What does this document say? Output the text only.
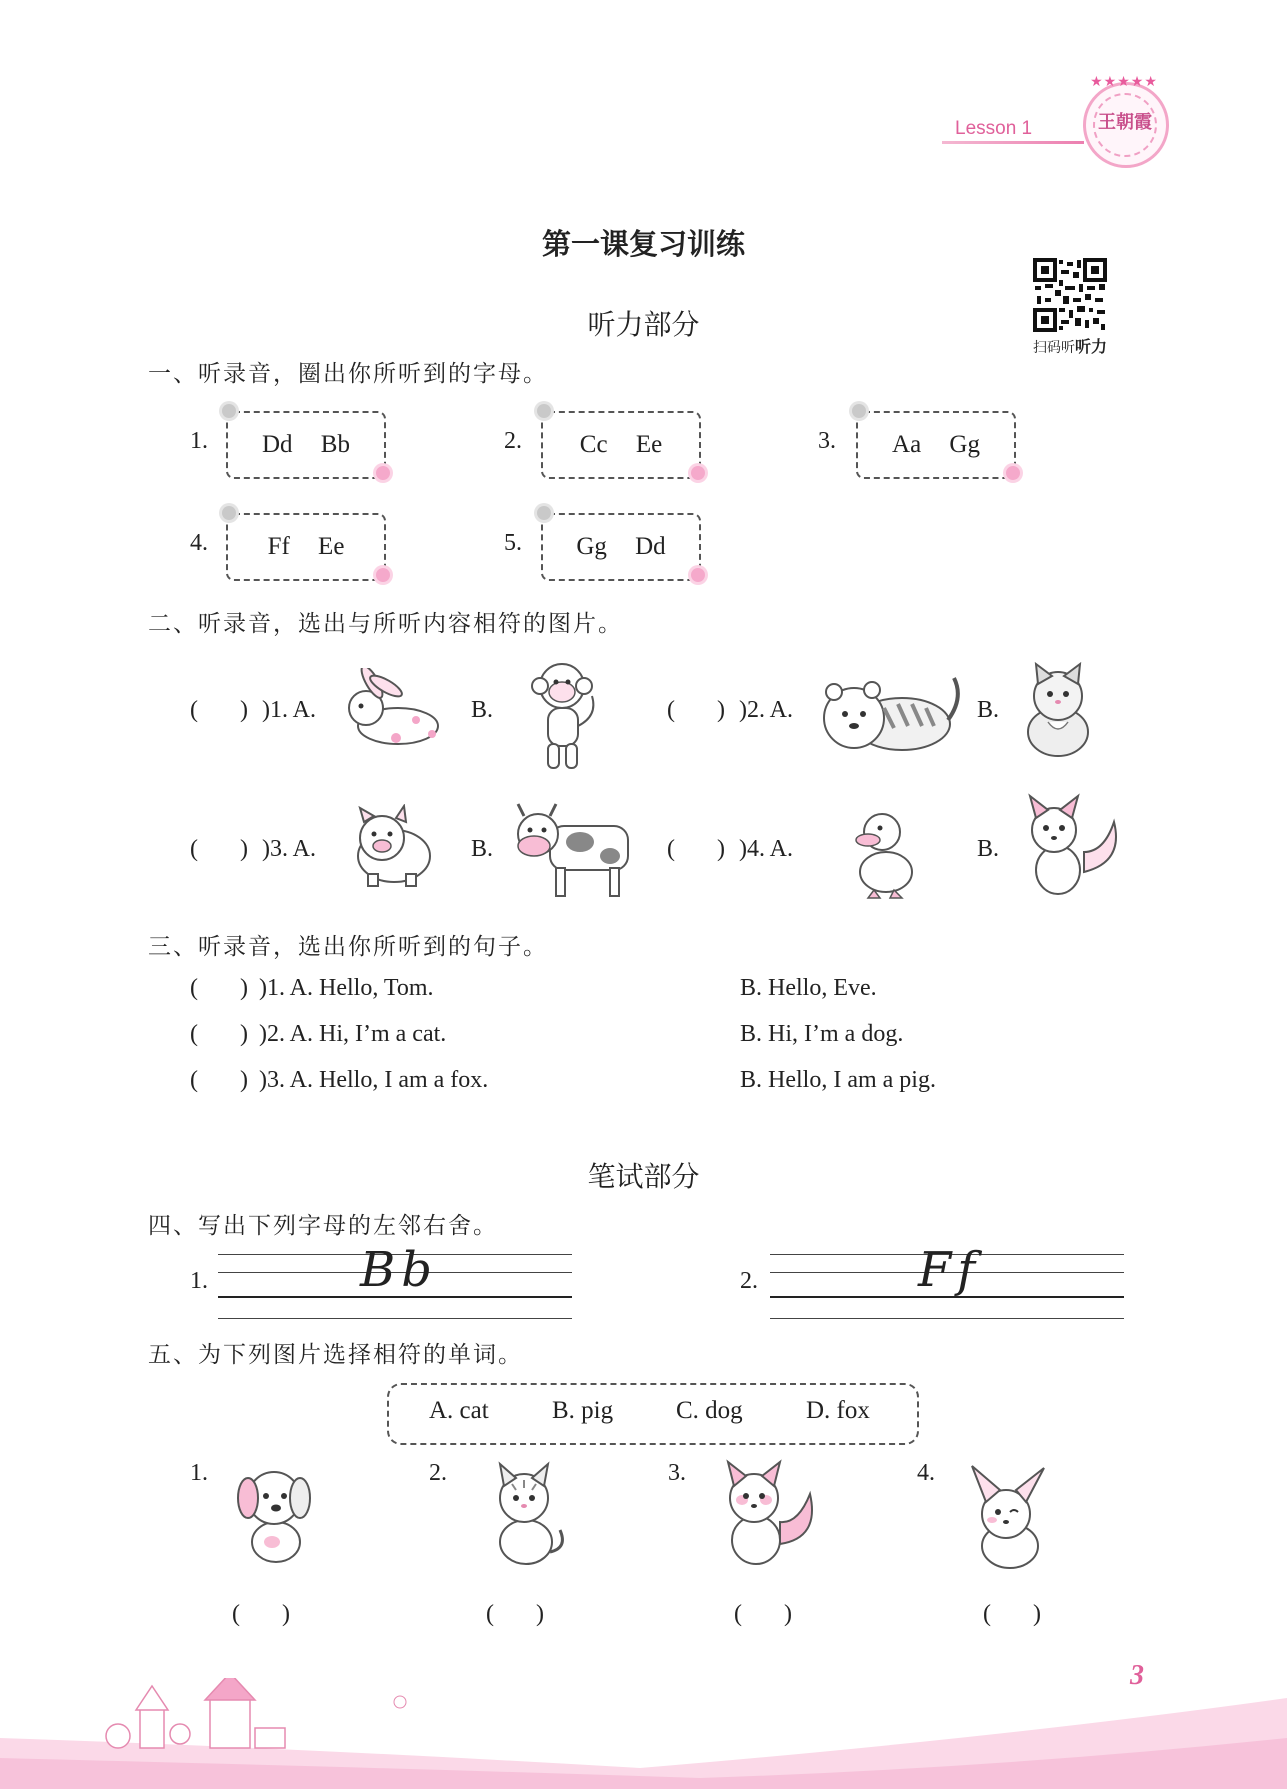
Lesson 1
★★★★★
王朝霞
第一课复习训练
听力部分
扫码听听力
一、听录音，圈出你所听到的字母。
1.	Dd Bb	2.	Cc Ee	3.	Aa Gg
4.	Ff Ee	5.	Gg Dd
二、听录音，选出与所听内容相符的图片。
(       ) )1. A.	B.	(       ) )2. A.	B.
(       ) )3. A.	B.	(       ) )4. A.	B.
三、听录音，选出你所听到的句子。
(       ) )1. A. Hello, Tom.	B. Hello, Eve.
(       ) )2. A. Hi, I’m a cat.	B. Hi, I’m a dog.
(       ) )3. A. Hello, I am a fox.	B. Hello, I am a pig.
笔试部分
四、写出下列字母的左邻右舍。
1.	Bb	2.	Ff
五、为下列图片选择相符的单词。
A. cat	B. pig	C. dog	D. fox
1.
(       )
2.
(       )
3.
(       )
4.
(       )
3
